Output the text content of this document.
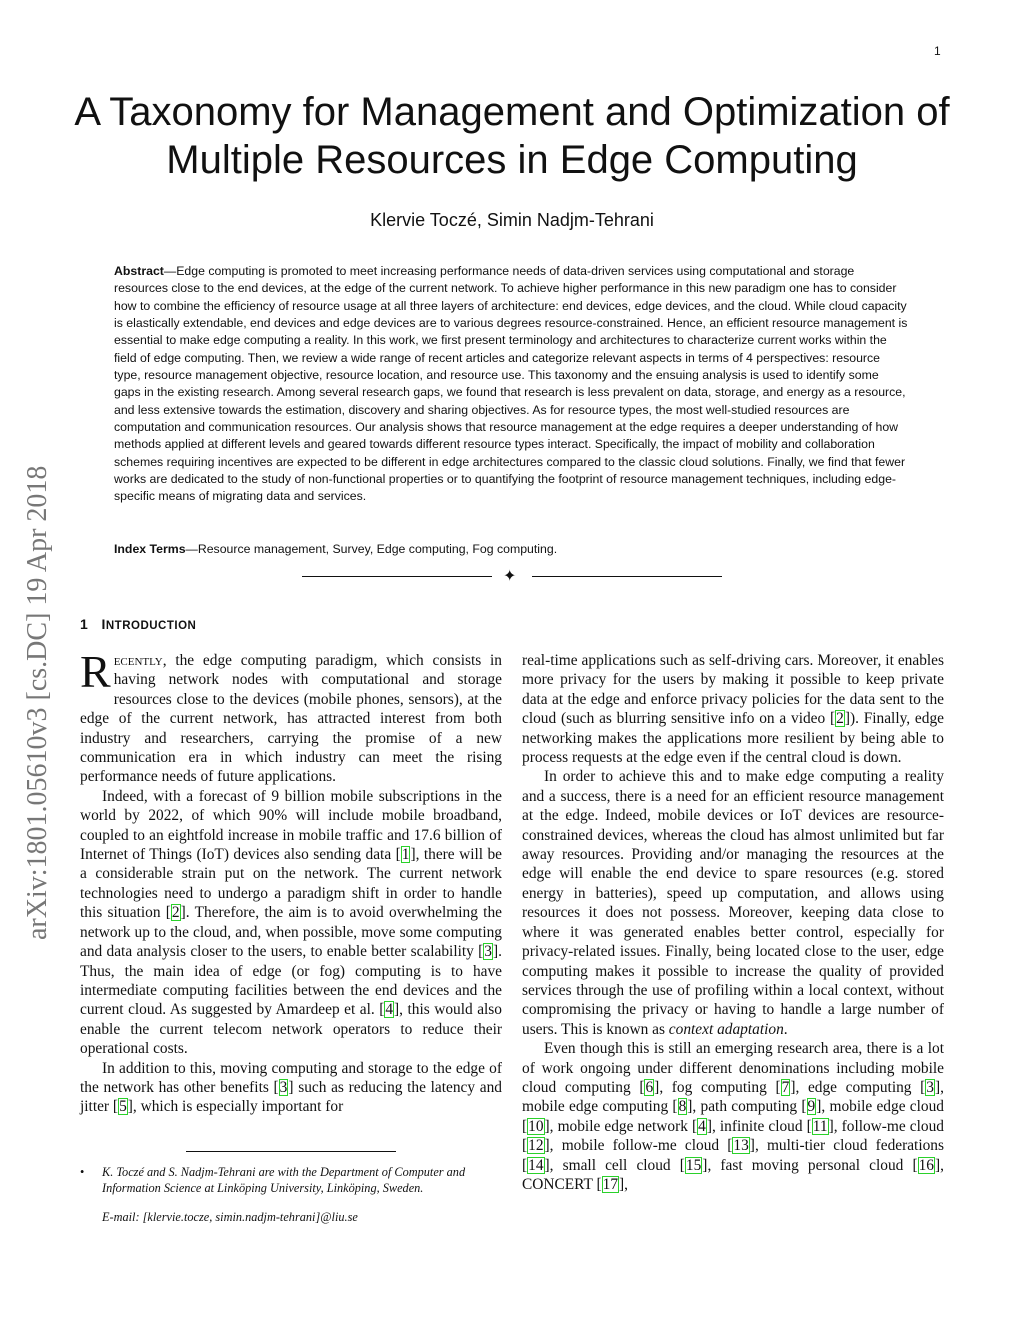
1
arXiv:1801.05610v3 [cs.DC] 19 Apr 2018
A Taxonomy for Management and Optimization of Multiple Resources in Edge Computing
Klervie Toczé, Simin Nadjm-Tehrani
Abstract—Edge computing is promoted to meet increasing performance needs of data-driven services using computational and storage resources close to the end devices, at the edge of the current network. To achieve higher performance in this new paradigm one has to consider how to combine the efficiency of resource usage at all three layers of architecture: end devices, edge devices, and the cloud. While cloud capacity is elastically extendable, end devices and edge devices are to various degrees resource-constrained. Hence, an efficient resource management is essential to make edge computing a reality. In this work, we first present terminology and architectures to characterize current works within the field of edge computing. Then, we review a wide range of recent articles and categorize relevant aspects in terms of 4 perspectives: resource type, resource management objective, resource location, and resource use. This taxonomy and the ensuing analysis is used to identify some gaps in the existing research. Among several research gaps, we found that research is less prevalent on data, storage, and energy as a resource, and less extensive towards the estimation, discovery and sharing objectives. As for resource types, the most well-studied resources are computation and communication resources. Our analysis shows that resource management at the edge requires a deeper understanding of how methods applied at different levels and geared towards different resource types interact. Specifically, the impact of mobility and collaboration schemes requiring incentives are expected to be different in edge architectures compared to the classic cloud solutions. Finally, we find that fewer works are dedicated to the study of non-functional properties or to quantifying the footprint of resource management techniques, including edge-specific means of migrating data and services.
Index Terms—Resource management, Survey, Edge computing, Fog computing.
✦
1 INTRODUCTION

Recently, the edge computing paradigm, which consists in having network nodes with computational and storage resources close to the devices (mobile phones, sensors), at the edge of the current network, has attracted interest from both industry and researchers, carrying the promise of a new communication era in which industry can meet the rising performance needs of future applications.

Indeed, with a forecast of 9 billion mobile subscriptions in the world by 2022, of which 90% will include mobile broadband, coupled to an eightfold increase in mobile traffic and 17.6 billion of Internet of Things (IoT) devices also sending data [1], there will be a considerable strain put on the network. The current network technologies need to undergo a paradigm shift in order to handle this situation [2]. Therefore, the aim is to avoid overwhelming the network up to the cloud, and, when possible, move some computing and data analysis closer to the users, to enable better scalability [3]. Thus, the main idea of edge (or fog) computing is to have intermediate computing facilities between the end devices and the current cloud. As suggested by Amardeep et al. [4], this would also enable the current telecom network operators to reduce their operational costs.

In addition to this, moving computing and storage to the edge of the network has other benefits [3] such as reducing the latency and jitter [5], which is especially important for

real-time applications such as self-driving cars. Moreover, it enables more privacy for the users by making it possible to keep private data at the edge and enforce privacy policies for the data sent to the cloud (such as blurring sensitive info on a video [2]). Finally, edge networking makes the applications more resilient by being able to process requests at the edge even if the central cloud is down.

In order to achieve this and to make edge computing a reality and a success, there is a need for an efficient resource management at the edge. Indeed, mobile devices or IoT devices are resource-constrained devices, whereas the cloud has almost unlimited but far away resources. Providing and/or managing the resources at the edge will enable the end device to spare resources (e.g. stored energy in batteries), speed up computation, and allows using resources it does not possess. Moreover, keeping data close to where it was generated enables better control, especially for privacy-related issues. Finally, being located close to the user, edge computing makes it possible to increase the quality of provided services through the use of profiling within a local context, without compromising the privacy or having to handle a large number of users. This is known as context adaptation.

Even though this is still an emerging research area, there is a lot of work ongoing under different denominations including mobile cloud computing [6], fog computing [7], edge computing [3], mobile edge computing [8], path computing [9], mobile edge cloud [10], mobile edge network [4], infinite cloud [11], follow-me cloud [12], mobile follow-me cloud [13], multi-tier cloud federations [14], small cell cloud [15], fast moving personal cloud [16], CONCERT [17],

• K. Toczé and S. Nadjm-Tehrani are with the Department of Computer and Information Science at Linköping University, Linköping, Sweden.
E-mail: [klervie.tocze, simin.nadjm-tehrani]@liu.se
